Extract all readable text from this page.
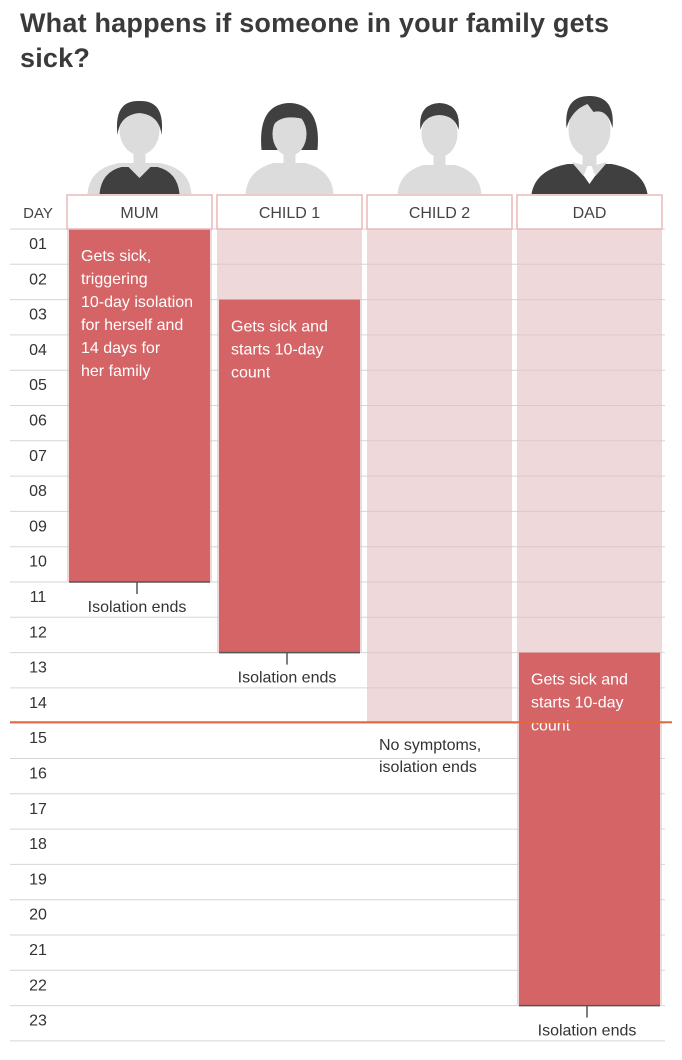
What happens if someone in your family gets sick?
01
02
03
04
05
06
07
08
09
10
11
12
13
14
15
16
17
18
19
20
21
22
23
DAY	MUM
Gets sick, triggering 10-day isolation for herself and 14 days for her family
Isolation ends
CHILD 1
Gets sick and starts 10-day count
Isolation ends
CHILD 2
No symptoms, isolation ends
DAD
Gets sick and starts 10-day count
Isolation ends
